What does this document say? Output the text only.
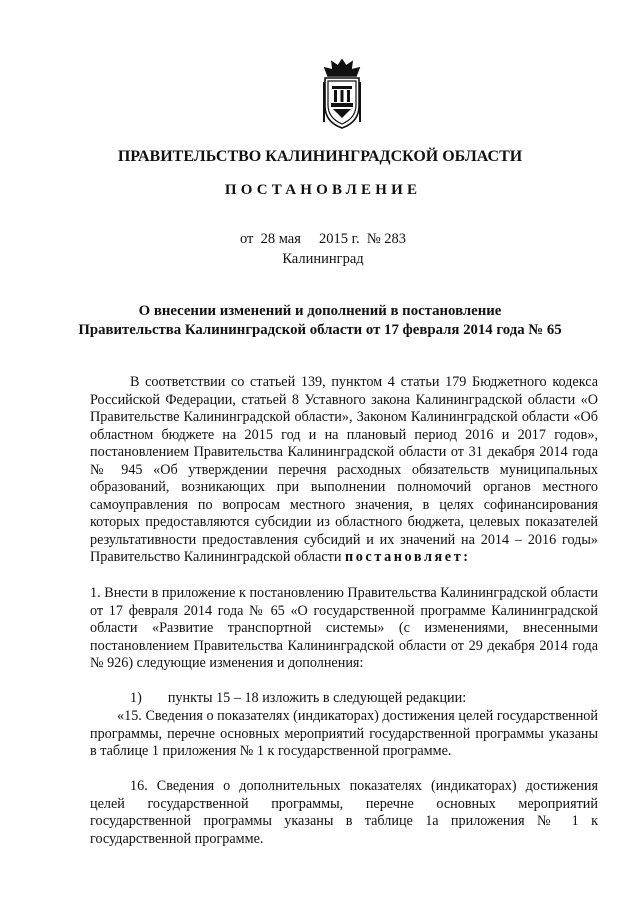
ПРАВИТЕЛЬСТВО КАЛИНИНГРАДСКОЙ ОБЛАСТИ
ПОСТАНОВЛЕНИЕ
от 28 мая 2015 г. № 283
Калининград
О внесении изменений и дополнений в постановление
Правительства Калининградской области от 17 февраля 2014 года № 65
В соответствии со статьей 139, пунктом 4 статьи 179 Бюджетного кодекса Российской Федерации, статьей 8 Уставного закона Калининградской области «О Правительстве Калининградской области», Законом Калининградской области «Об областном бюджете на 2015 год и на плановый период 2016 и 2017 годов», постановлением Правительства Калининградской области от 31 декабря 2014 года № 945 «Об утверждении перечня расходных обязательств муниципальных образований, возникающих при выполнении полномочий органов местного самоуправления по вопросам местного значения, в целях софинансирования которых предоставляются субсидии из областного бюджета, целевых показателей результативности предоставления субсидий и их значений на 2014 – 2016 годы» Правительство Калининградской области постановляет:
1. Внести в приложение к постановлению Правительства Калининградской области от 17 февраля 2014 года № 65 «О государственной программе Калининградской области «Развитие транспортной системы» (с изменениями, внесенными постановлением Правительства Калининградской области от 29 декабря 2014 года № 926) следующие изменения и дополнения:
1) пункты 15 – 18 изложить в следующей редакции:
«15. Сведения о показателях (индикаторах) достижения целей государственной программы, перечне основных мероприятий государственной программы указаны в таблице 1 приложения № 1 к государственной программе.
16. Сведения о дополнительных показателях (индикаторах) достижения целей государственной программы, перечне основных мероприятий государственной программы указаны в таблице 1а приложения № 1 к государственной программе.
